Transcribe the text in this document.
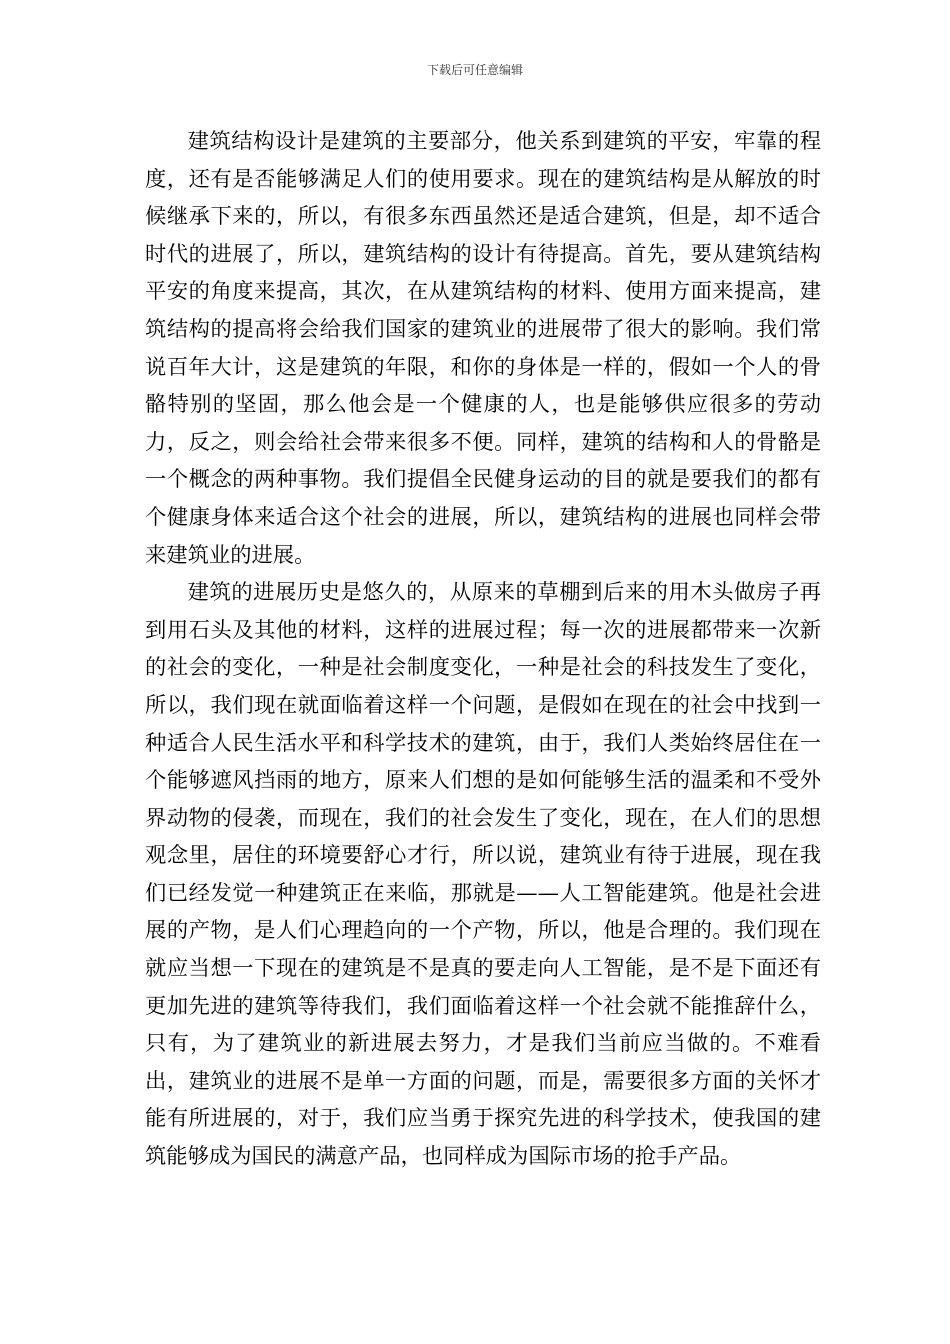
下载后可任意编辑

建筑结构设计是建筑的主要部分，他关系到建筑的平安，牢靠的程度，还有是否能够满足人们的使用要求。现在的建筑结构是从解放的时候继承下来的，所以，有很多东西虽然还是适合建筑，但是，却不适合时代的进展了，所以，建筑结构的设计有待提高。首先，要从建筑结构平安的角度来提高，其次，在从建筑结构的材料、使用方面来提高，建筑结构的提高将会给我们国家的建筑业的进展带了很大的影响。我们常说百年大计，这是建筑的年限，和你的身体是一样的，假如一个人的骨骼特别的坚固，那么他会是一个健康的人，也是能够供应很多的劳动力，反之，则会给社会带来很多不便。同样，建筑的结构和人的骨骼是一个概念的两种事物。我们提倡全民健身运动的目的就是要我们的都有个健康身体来适合这个社会的进展，所以，建筑结构的进展也同样会带来建筑业的进展。

建筑的进展历史是悠久的，从原来的草棚到后来的用木头做房子再到用石头及其他的材料，这样的进展过程；每一次的进展都带来一次新的社会的变化，一种是社会制度变化，一种是社会的科技发生了变化，所以，我们现在就面临着这样一个问题，是假如在现在的社会中找到一种适合人民生活水平和科学技术的建筑，由于，我们人类始终居住在一个能够遮风挡雨的地方，原来人们想的是如何能够生活的温柔和不受外界动物的侵袭，而现在，我们的社会发生了变化，现在，在人们的思想观念里，居住的环境要舒心才行，所以说，建筑业有待于进展，现在我们已经发觉一种建筑正在来临，那就是——人工智能建筑。他是社会进展的产物，是人们心理趋向的一个产物，所以，他是合理的。我们现在就应当想一下现在的建筑是不是真的要走向人工智能，是不是下面还有更加先进的建筑等待我们，我们面临着这样一个社会就不能推辞什么，只有，为了建筑业的新进展去努力，才是我们当前应当做的。不难看出，建筑业的进展不是单一方面的问题，而是，需要很多方面的关怀才能有所进展的，对于，我们应当勇于探究先进的科学技术，使我国的建筑能够成为国民的满意产品，也同样成为国际市场的抢手产品。
